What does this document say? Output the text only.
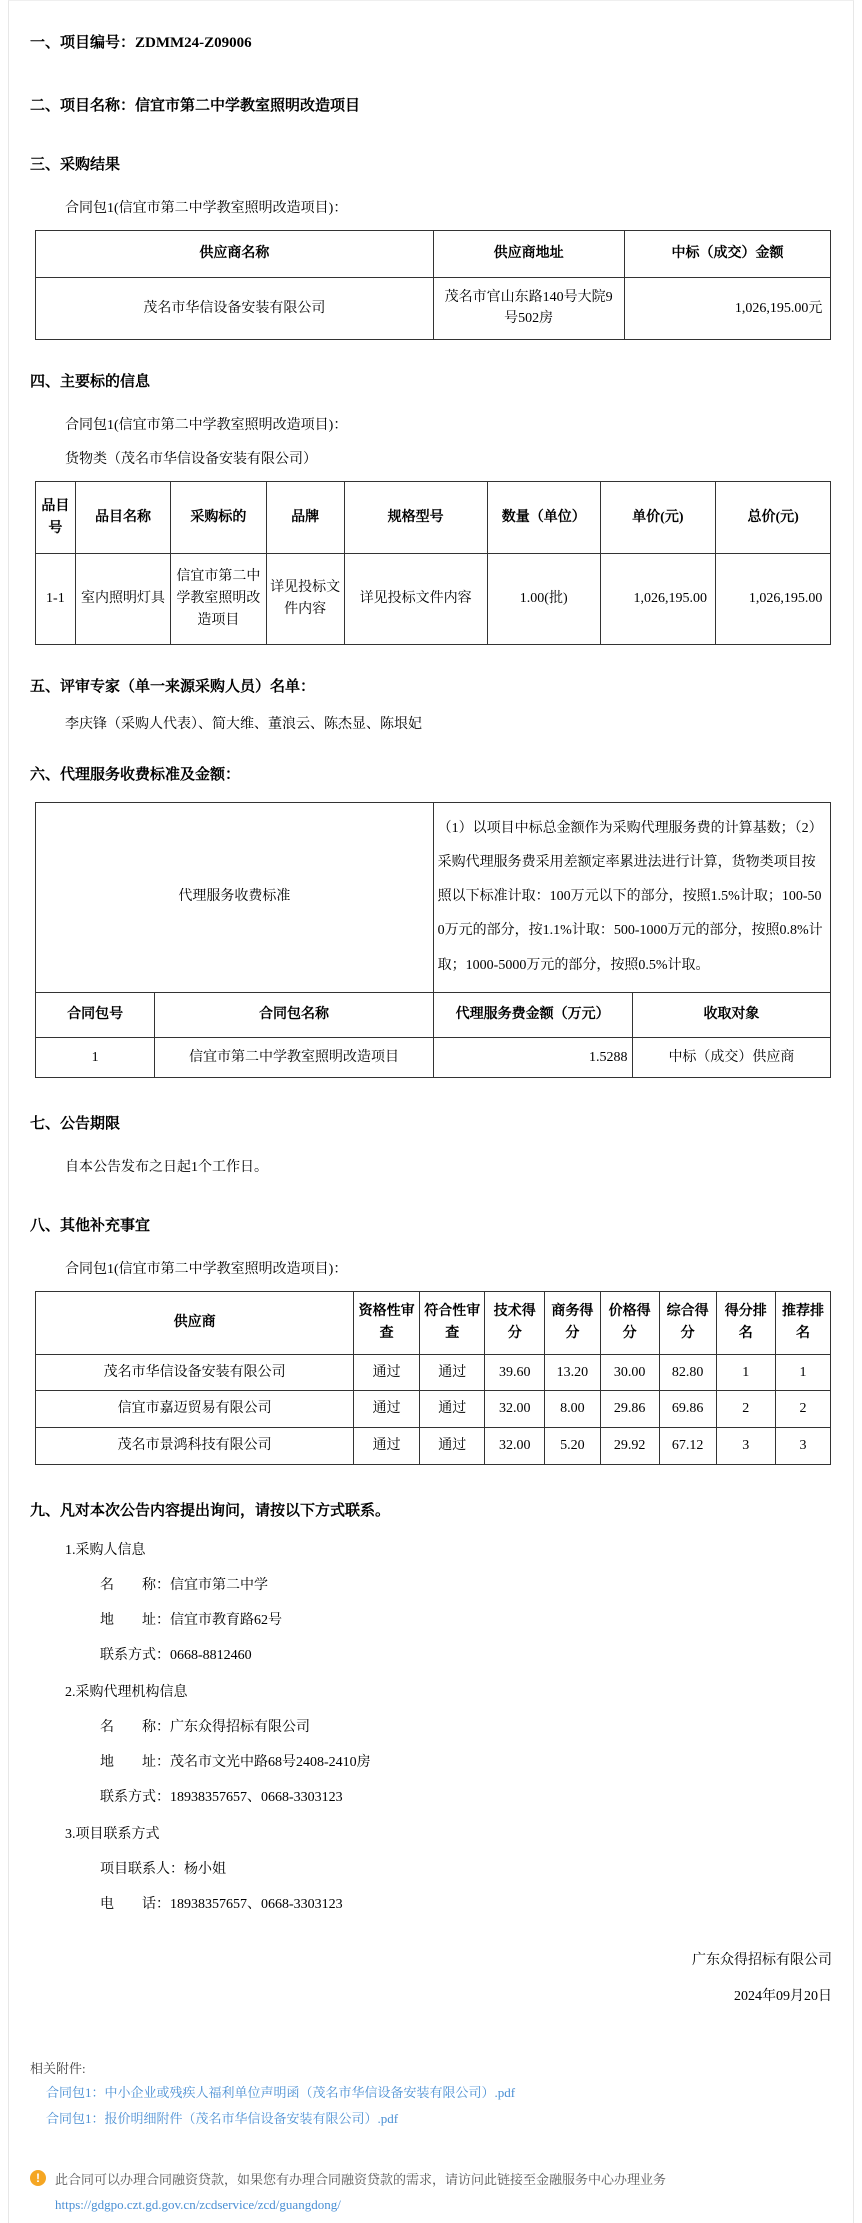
一、项目编号：ZDMM24-Z09006
二、项目名称：信宜市第二中学教室照明改造项目
三、采购结果
合同包1(信宜市第二中学教室照明改造项目)：
供应商名称	供应商地址	中标（成交）金额
茂名市华信设备安装有限公司	茂名市官山东路140号大院9号502房	1,026,195.00元
四、主要标的信息
合同包1(信宜市第二中学教室照明改造项目)：
货物类（茂名市华信设备安装有限公司）
品目号	品目名称	采购标的	品牌	规格型号	数量（单位）	单价(元)	总价(元)
1-1	室内照明灯具	信宜市第二中学教室照明改造项目	详见投标文件内容	详见投标文件内容	1.00(批)	1,026,195.00	1,026,195.00
五、评审专家（单一来源采购人员）名单：
李庆锋（采购人代表）、简大维、董浪云、陈杰显、陈垠妃
六、代理服务收费标准及金额：
代理服务收费标准		（1）以项目中标总金额作为采购代理服务费的计算基数；（2）采购代理服务费采用差额定率累进法进行计算，货物类项目按照以下标准计取：100万元以下的部分，按照1.5%计取；100-500万元的部分，按1.1%计取：500-1000万元的部分，按照0.8%计取；1000-5000万元的部分，按照0.5%计取。	
合同包号	合同包名称	代理服务费金额（万元）	收取对象
1	信宜市第二中学教室照明改造项目	1.5288	中标（成交）供应商
七、公告期限
自本公告发布之日起1个工作日。
八、其他补充事宜
合同包1(信宜市第二中学教室照明改造项目)：
供应商	资格性审查	符合性审查	技术得分	商务得分	价格得分	综合得分	得分排名	推荐排名
茂名市华信设备安装有限公司	通过	通过	39.60	13.20	30.00	82.80	1	1
信宜市嘉迈贸易有限公司	通过	通过	32.00	8.00	29.86	69.86	2	2
茂名市景鸿科技有限公司	通过	通过	32.00	5.20	29.92	67.12	3	3
九、凡对本次公告内容提出询问，请按以下方式联系。
1.采购人信息
名　　称：信宜市第二中学
地　　址：信宜市教育路62号
联系方式：0668-8812460
2.采购代理机构信息
名　　称：广东众得招标有限公司
地　　址：茂名市文光中路68号2408-2410房
联系方式：18938357657、0668-3303123
3.项目联系方式
项目联系人：杨小姐
电　　话：18938357657、0668-3303123
广东众得招标有限公司
2024年09月20日
相关附件:
合同包1：中小企业或残疾人福利单位声明函（茂名市华信设备安装有限公司）.pdf
合同包1：报价明细附件（茂名市华信设备安装有限公司）.pdf
!	此合同可以办理合同融资贷款，如果您有办理合同融资贷款的需求，请访问此链接至金融服务中心办理业务
https://gdgpo.czt.gd.gov.cn/zcdservice/zcd/guangdong/
